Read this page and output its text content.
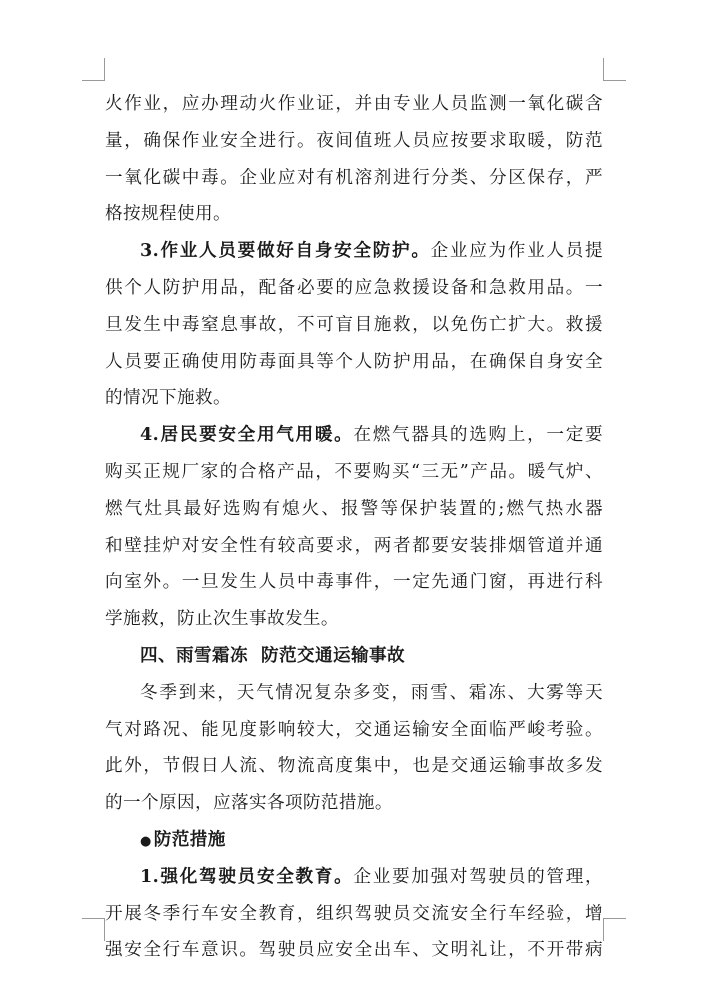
火作业，应办理动火作业证，并由专业人员监测一氧化碳含
量，确保作业安全进行。夜间值班人员应按要求取暖，防范
一氧化碳中毒。企业应对有机溶剂进行分类、分区保存，严
格按规程使用。
3.作业人员要做好自身安全防护。企业应为作业人员提
供个人防护用品，配备必要的应急救援设备和急救用品。一
旦发生中毒窒息事故，不可盲目施救，以免伤亡扩大。救援
人员要正确使用防毒面具等个人防护用品，在确保自身安全
的情况下施救。
4.居民要安全用气用暖。在燃气器具的选购上，一定要
购买正规厂家的合格产品，不要购买“三无”产品。暖气炉、
燃气灶具最好选购有熄火、报警等保护装置的;燃气热水器
和壁挂炉对安全性有较高要求，两者都要安装排烟管道并通
向室外。一旦发生人员中毒事件，一定先通门窗，再进行科
学施救，防止次生事故发生。
四、雨雪霜冻  防范交通运输事故
冬季到来，天气情况复杂多变，雨雪、霜冻、大雾等天
气对路况、能见度影响较大，交通运输安全面临严峻考验。
此外，节假日人流、物流高度集中，也是交通运输事故多发
的一个原因，应落实各项防范措施。
● 防范措施
1.强化驾驶员安全教育。企业要加强对驾驶员的管理，
开展冬季行车安全教育，组织驾驶员交流安全行车经验，增
强安全行车意识。驾驶员应安全出车、文明礼让，不开带病
